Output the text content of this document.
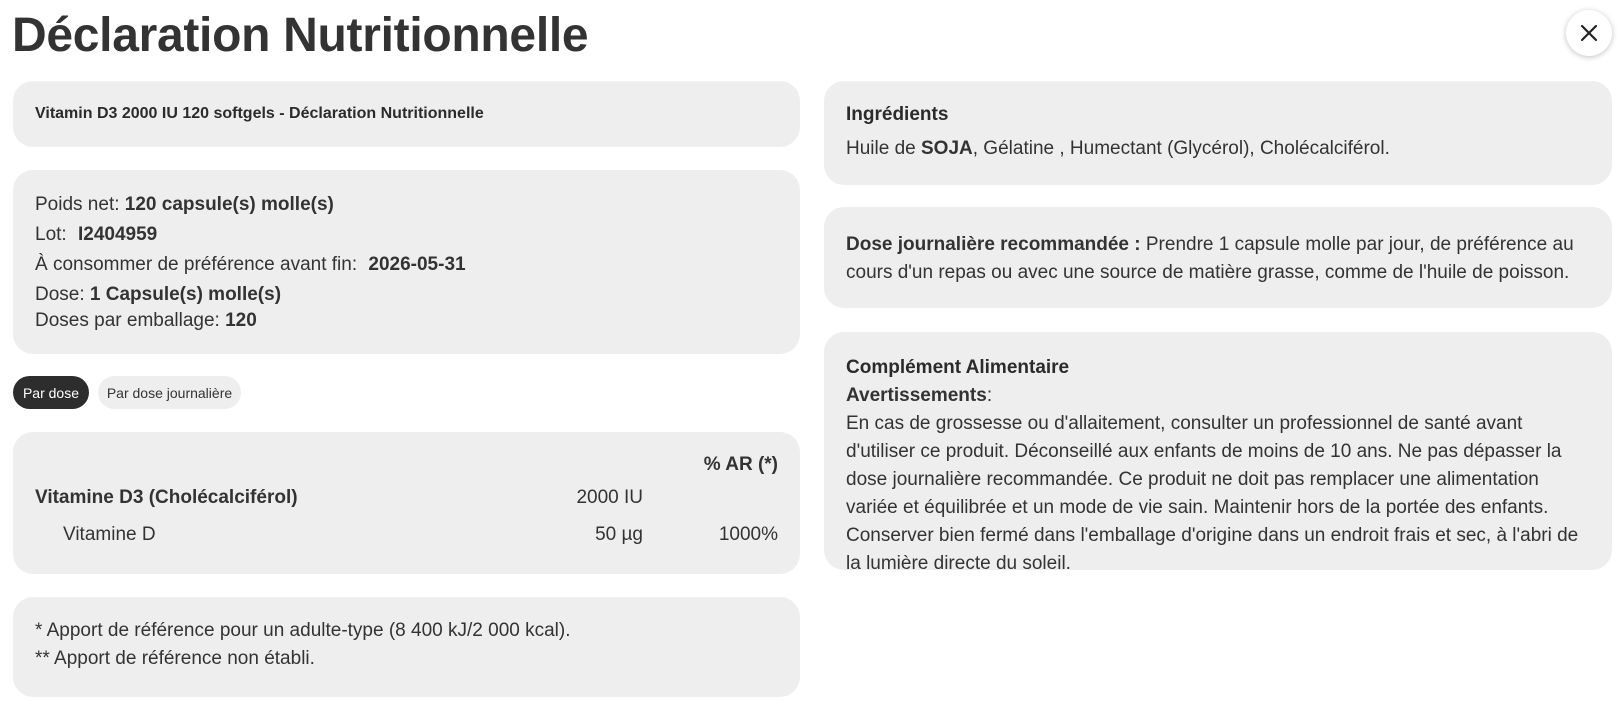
Déclaration Nutritionnelle
Vitamin D3 2000 IU 120 softgels - Déclaration Nutritionnelle
Poids net: 120 capsule(s) molle(s)
Lot: I2404959
À consommer de préférence avant fin: 2026-05-31
Dose: 1 Capsule(s) molle(s)
Doses par emballage: 120
Par dose	Par dose journalière
% AR (*)
Vitamine D3 (Cholécalciférol)	2000 IU
Vitamine D	50 µg	1000%
* Apport de référence pour un adulte-type (8 400 kJ/2 000 kcal).
** Apport de référence non établi.
Ingrédients
Huile de SOJA, Gélatine , Humectant (Glycérol), Cholécalciférol.
Dose journalière recommandée : Prendre 1 capsule molle par jour, de préférence au cours d'un repas ou avec une source de matière grasse, comme de l'huile de poisson.
Complément Alimentaire
Avertissements:
En cas de grossesse ou d'allaitement, consulter un professionnel de santé avant d'utiliser ce produit. Déconseillé aux enfants de moins de 10 ans. Ne pas dépasser la dose journalière recommandée. Ce produit ne doit pas remplacer une alimentation variée et équilibrée et un mode de vie sain. Maintenir hors de la portée des enfants. Conserver bien fermé dans l'emballage d'origine dans un endroit frais et sec, à l'abri de la lumière directe du soleil.
